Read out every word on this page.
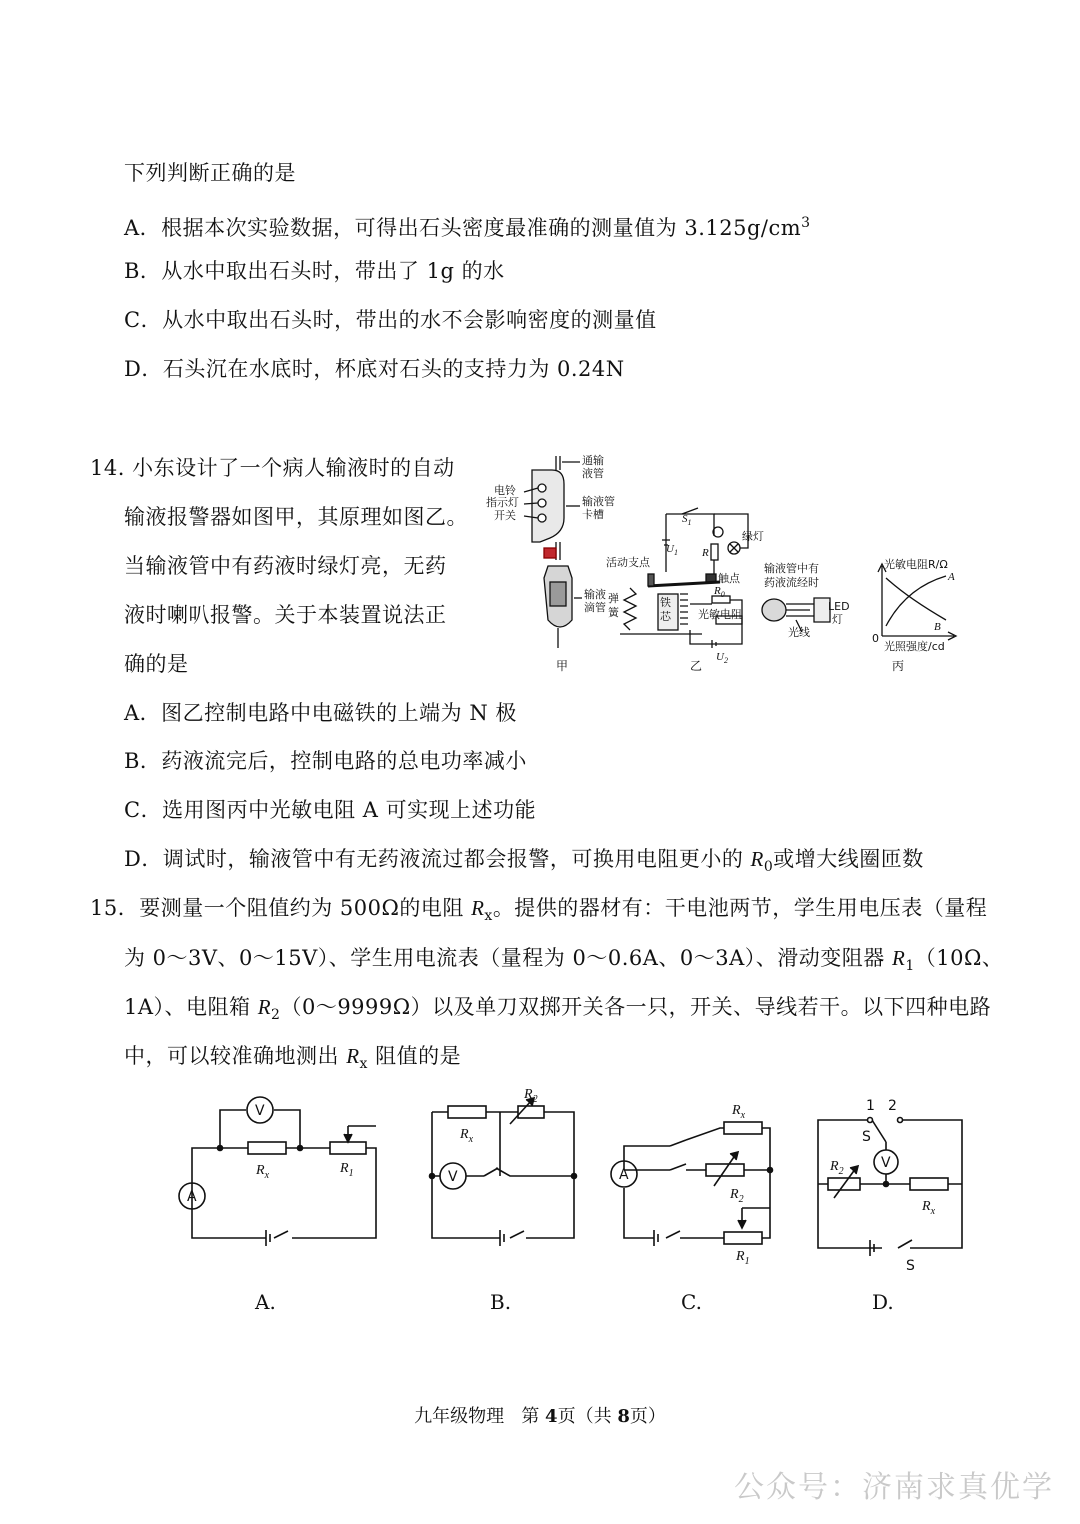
下列判断正确的是
A．根据本次实验数据，可得出石头密度最准确的测量值为 $3.125g/cm^3$
B．从水中取出石头时，带出了 1g 的水
C．从水中取出石头时，带出的水不会影响密度的测量值
D．石头沉在水底时，杯底对石头的支持力为 0.24N
14. 小东设计了一个病人输液时的自动
输液报警器如图甲，其原理如图乙。
当输液管中有药液时绿灯亮，无药
液时喇叭报警。关于本装置说法正
确的是
通输
液管
电铃
指示灯
开关
输液管
卡槽
输液
滴管
甲
$S_1$
$U_1$ R
绿灯
活动支点
触点
$R_0$
弹
簧
铁
芯 光敏电阻
$U_2$
输液管中有
药液流经时
LED
灯
光线
乙
光敏电阻R/Ω
光照强度/cd
0
A
B
丙
A．图乙控制电路中电磁铁的上端为 N 极
B．药液流完后，控制电路的总电功率减小
C．选用图丙中光敏电阻 A 可实现上述功能
D．调试时，输液管中有无药液流过都会报警，可换用电阻更小的 $R_0$或增大线圈匝数
15．要测量一个阻值约为 500Ω的电阻 $R_x$。提供的器材有：干电池两节，学生用电压表（量程
为 0～3V、0～15V）、学生用电流表（量程为 0～0.6A、0～3A）、滑动变阻器 $R_1(10\Omega$、
1A）、电阻箱 $R_2(0\sim 9999\Omega)$以及单刀双掷开关各一只，开关、导线若干。以下四种电路
中，可以较准确地测出 $R_x$ 阻值的是
V
A
$R_x$	$R_1$
$R_x$
$R_2$
V	A
$R_x$
$R_2$
$R_1$
1 2
S
V
$R_2$
$R_x$
S
A.	B.	C.	D.
九年级物理 第 4页（共 8页）
公众号：济南求真优学
